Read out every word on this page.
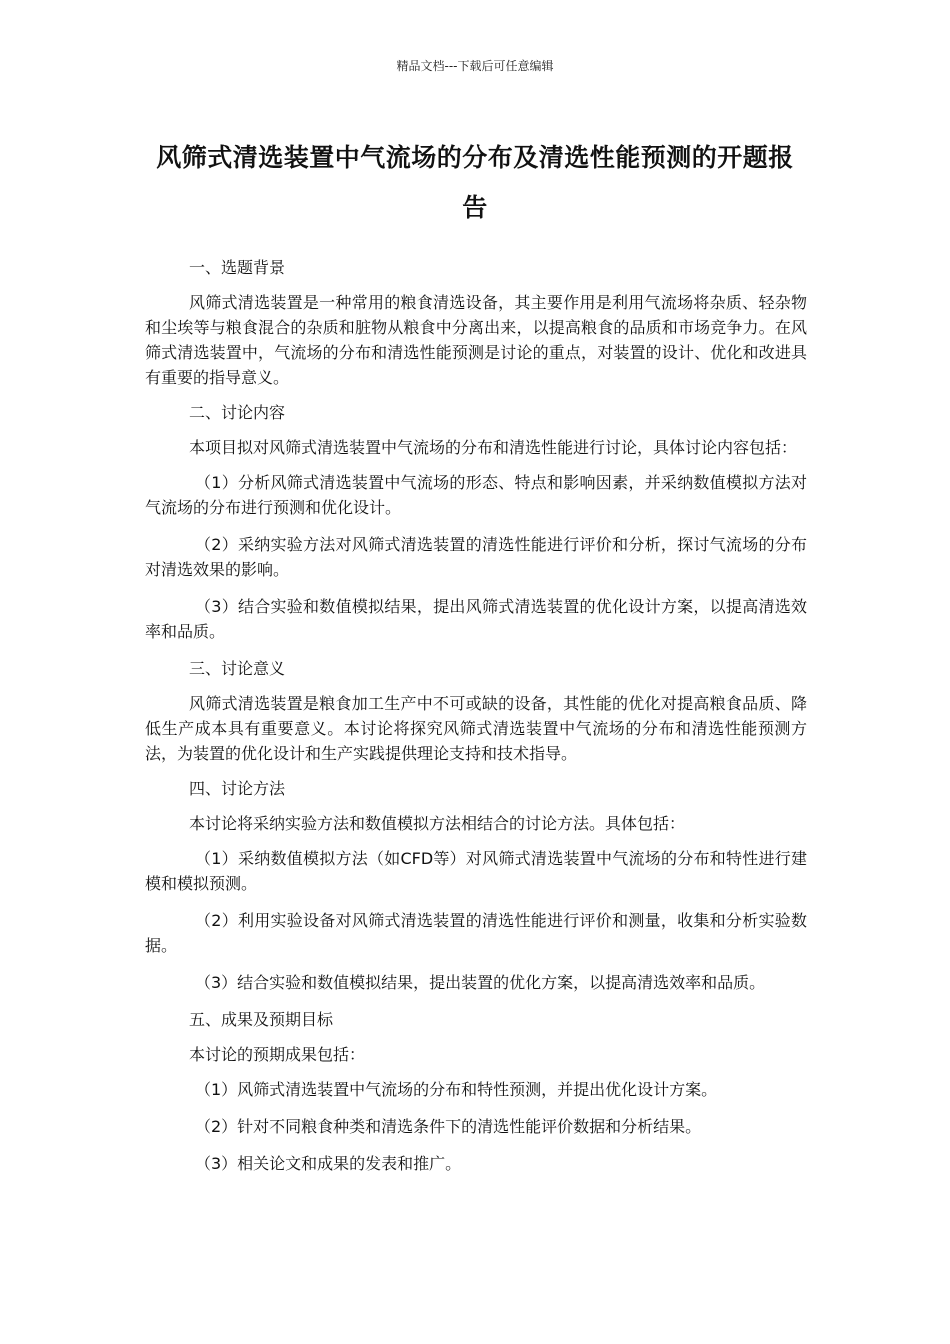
精品文档---下载后可任意编辑
风筛式清选装置中气流场的分布及清选性能预测的开题报告
一、选题背景
风筛式清选装置是一种常用的粮食清选设备，其主要作用是利用气流场将杂质、轻杂物和尘埃等与粮食混合的杂质和脏物从粮食中分离出来，以提高粮食的品质和市场竞争力。在风筛式清选装置中，气流场的分布和清选性能预测是讨论的重点，对装置的设计、优化和改进具有重要的指导意义。
二、讨论内容
本项目拟对风筛式清选装置中气流场的分布和清选性能进行讨论，具体讨论内容包括：
（1）分析风筛式清选装置中气流场的形态、特点和影响因素，并采纳数值模拟方法对气流场的分布进行预测和优化设计。
（2）采纳实验方法对风筛式清选装置的清选性能进行评价和分析，探讨气流场的分布对清选效果的影响。
（3）结合实验和数值模拟结果，提出风筛式清选装置的优化设计方案，以提高清选效率和品质。
三、讨论意义
风筛式清选装置是粮食加工生产中不可或缺的设备，其性能的优化对提高粮食品质、降低生产成本具有重要意义。本讨论将探究风筛式清选装置中气流场的分布和清选性能预测方法，为装置的优化设计和生产实践提供理论支持和技术指导。
四、讨论方法
本讨论将采纳实验方法和数值模拟方法相结合的讨论方法。具体包括：
（1）采纳数值模拟方法（如CFD等）对风筛式清选装置中气流场的分布和特性进行建模和模拟预测。
（2）利用实验设备对风筛式清选装置的清选性能进行评价和测量，收集和分析实验数据。
（3）结合实验和数值模拟结果，提出装置的优化方案，以提高清选效率和品质。
五、成果及预期目标
本讨论的预期成果包括：
（1）风筛式清选装置中气流场的分布和特性预测，并提出优化设计方案。
（2）针对不同粮食种类和清选条件下的清选性能评价数据和分析结果。
（3）相关论文和成果的发表和推广。
